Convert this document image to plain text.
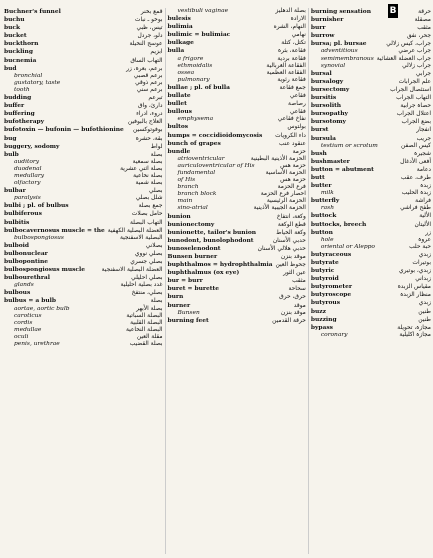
B
Buchner's funnel	قمع بخنر
buchu	بوخو ـ نبات
buck	تيس، ظبي
bucket	دلو، جردل
buckthorn	عوسج النخيلة
buckling	ابزيم
bucnemia	التهاب الساق
bud	برعم، بعرة، زر
bronchial	برعم قصبي
gustatory, taste	برعم ذوقي
tooth	برعم سني
budding	تبرعم
buffer	دارئ، واق
buffering	دروء، ادراء
bufotherapy	العلاج بالبوفين
bufotoxin — bufonin — bufothionine	بوفوتوكسين
bug	بقة، حشرة
buggery, sodomy	لواط
bulb	بصلة
auditory	بصلة سمعية
duodenal	بصلة اثني عشرية
medullary	بصلة نخاعية
olfactory	بصلة شمية
bulbar	بصلي
paralysis	شلل بصلي
bulbi ; pl. of bulbus	جمع بصلة
bulbiferous	حامل بصلات
bulbitis	التهاب البصلة
bulbocavernosus muscle = the العضلة البصلية الكهفية
bulbospongiosus	البصلية الاسفنجية
bulboid	بصلاني
bulbonuclear	بصلي نووي
bulbopontine	بصلي جسري
bulbospongiosus muscle	العضلة البصلية الاسفنجية
bulbourethral	بصلي احليلي
glands	غدد بصلية احليلية
bulbous	بصلي، منتفخ
bulbus = a bulb	بصلة
aortae, aortic bulb	بصلة الأبهر
caroticus	البصلة السباتية
cordis	البصلة القلبية
medullae	البصلة النخاعية
oculi	مقلة العين
penis, urethrae	بصلة القضيب
vestibuli vaginae	بصلة الدهليز
bulesis	الارادة
bulimia	النهام، الشره
bulimic = bulimiac	نهامي
bulkage	تكتل، كتلة
bulla	فقاعة، بثرة
a frigore	فقاعة بردية
ethmoidalis	الفقاعة الغربالية
ossea	الفقاعة العظمية
pulmonary	فقاعة رئوية
bullae ; pl. of bulla	جمع فقاعة
bullate	فقاعي
bullet	رصاصة
bullous	فقاعي
emphysema	نفاخ فقاعي
bultos	بولتوس
humps = coccidioidomycosis	داء الكرويات
bunch of grapes	عنقود عنب
bundle	حزمة
atrioventricular	الحزمة الأذينية البطينية
auriculoventricular of His	حزمة هس
fundamental	الحزمة الأساسية
of His	حزمة هس
branch	فرع الحزمة
branch block	احصار فرع الحزمة
main	الحزمة الرئيسية
sino-atrial	الحزمة الجيبية الأذينية
bunion	وكعة، انتفاخ
bunionectomy	قطع الوكعة
bunionette, tailor's bunion	وكعة الخياط
bunodont, bunolophodont	حدبي الأسنان
bunoselenodont	حدبي هلالي الأسنان
Bunsen burner	موقد بنزن
buphthalmos = hydrophthalmia جحوظ العين
buphthalmus (ox eye)	عين الثور
bur = burr	مثقب
buret = burette	سحاحة
burn	حرق، حرق
burner	موقد
Bunsen	موقد بنزن
burning feet	حرقة القدمين
burning sensation	حرقة
burnisher	مصقلة
burr	مثقب
burrow	جحر، نفق
bursa; pl. bursae	جراب، كيس زلالي
adventitious	جراب عرضي
semimembranous جراب العضلة الغشائية
synovial	جراب زلالي
bursal	جرابي
bursalogy	علم الجرابات
bursectomy	استئصال الجراب
bursitis	التهاب الجراب
bursolith	حصاة جرابية
bursopathy	اعتلال الجراب
bursotomy	بضع الجراب
burst	انفجار
bursula	جريب
testium or scrotum	كيس الصفن
bush	شجيرة
bushmaster	أفعى الأدغال
button = abutment	دعامة
butt	طرف، عقب
butter	زبدة
milk	زبدة الحليب
butterfly	فراشة
rash	طفح فراشي
buttock	الألية
buttocks, breech	الأليتان
button	زر
hole	عروة
oriental or Aleppo	حبة حلب
butyraceous	زبدي
butyrate	بوتيرات
butyric	زبدي، بوتيري
butyroid	زبداني
butyrometer	مقياس الزبدة
butyroscope	منظار الزبدة
butyrous	زبدي
buzz	طنين
buzzing	طنين
bypass	مجازة، تحويلة
coronary	مجازة اكليلية
